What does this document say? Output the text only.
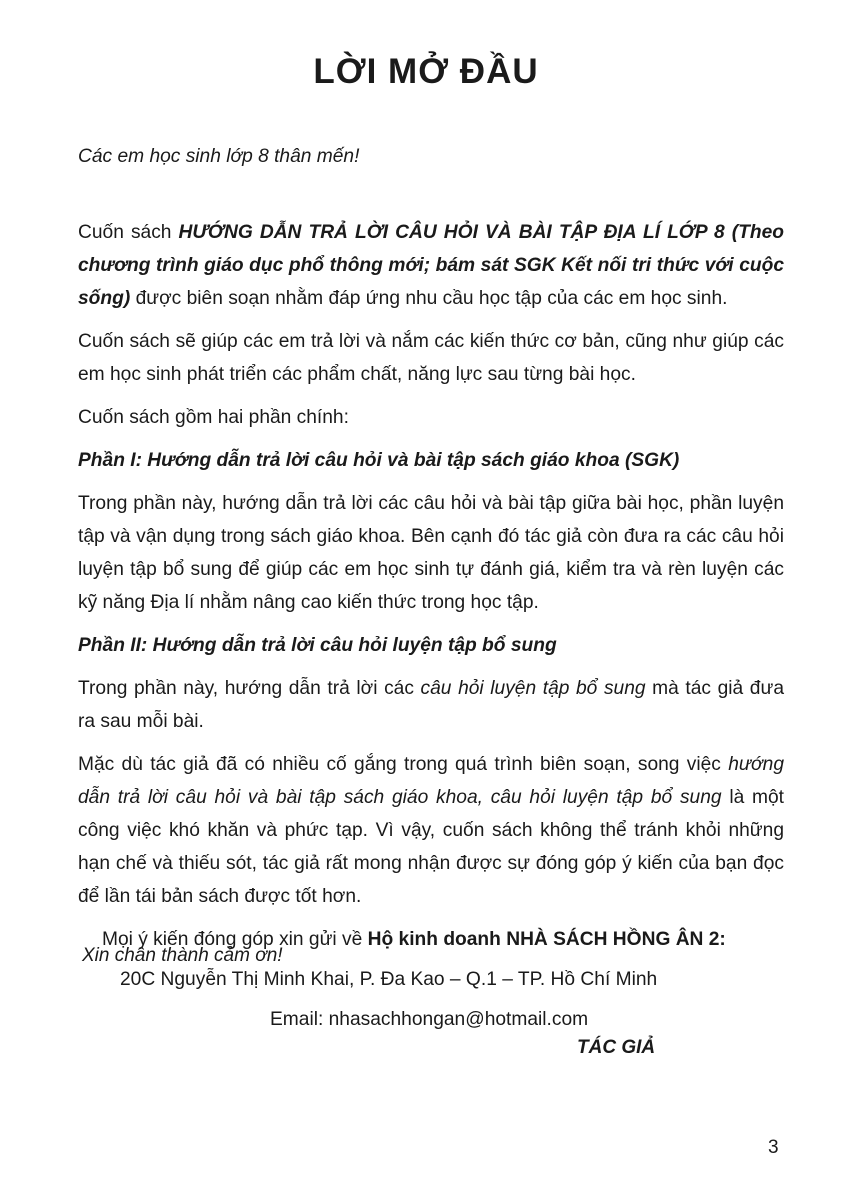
LỜI MỞ ĐẦU

Các em học sinh lớp 8 thân mến!

Cuốn sách HƯỚNG DẪN TRẢ LỜI CÂU HỎI VÀ BÀI TẬP ĐỊA LÍ LỚP 8 (Theo chương trình giáo dục phổ thông mới; bám sát SGK Kết nối tri thức với cuộc sống) được biên soạn nhằm đáp ứng nhu cầu học tập của các em học sinh.

Cuốn sách sẽ giúp các em trả lời và nắm các kiến thức cơ bản, cũng như giúp các em học sinh phát triển các phẩm chất, năng lực sau từng bài học.

Cuốn sách gồm hai phần chính:

Phần I: Hướng dẫn trả lời câu hỏi và bài tập sách giáo khoa (SGK)

Trong phần này, hướng dẫn trả lời các câu hỏi và bài tập giữa bài học, phần luyện tập và vận dụng trong sách giáo khoa. Bên cạnh đó tác giả còn đưa ra các câu hỏi luyện tập bổ sung để giúp các em học sinh tự đánh giá, kiểm tra và rèn luyện các kỹ năng Địa lí nhằm nâng cao kiến thức trong học tập.

Phần II: Hướng dẫn trả lời câu hỏi luyện tập bổ sung

Trong phần này, hướng dẫn trả lời các câu hỏi luyện tập bổ sung mà tác giả đưa ra sau mỗi bài.

Mặc dù tác giả đã có nhiều cố gắng trong quá trình biên soạn, song việc hướng dẫn trả lời câu hỏi và bài tập sách giáo khoa, câu hỏi luyện tập bổ sung là một công việc khó khăn và phức tạp. Vì vậy, cuốn sách không thể tránh khỏi những hạn chế và thiếu sót, tác giả rất mong nhận được sự đóng góp ý kiến của bạn đọc để lần tái bản sách được tốt hơn.

Mọi ý kiến đóng góp xin gửi về Hộ kinh doanh NHÀ SÁCH HỒNG ÂN 2:

20C Nguyễn Thị Minh Khai, P. Đa Kao – Q.1 – TP. Hồ Chí Minh

Email: nhasachhongan@hotmail.com

Xin chân thành cảm ơn!
TÁC GIẢ
3
